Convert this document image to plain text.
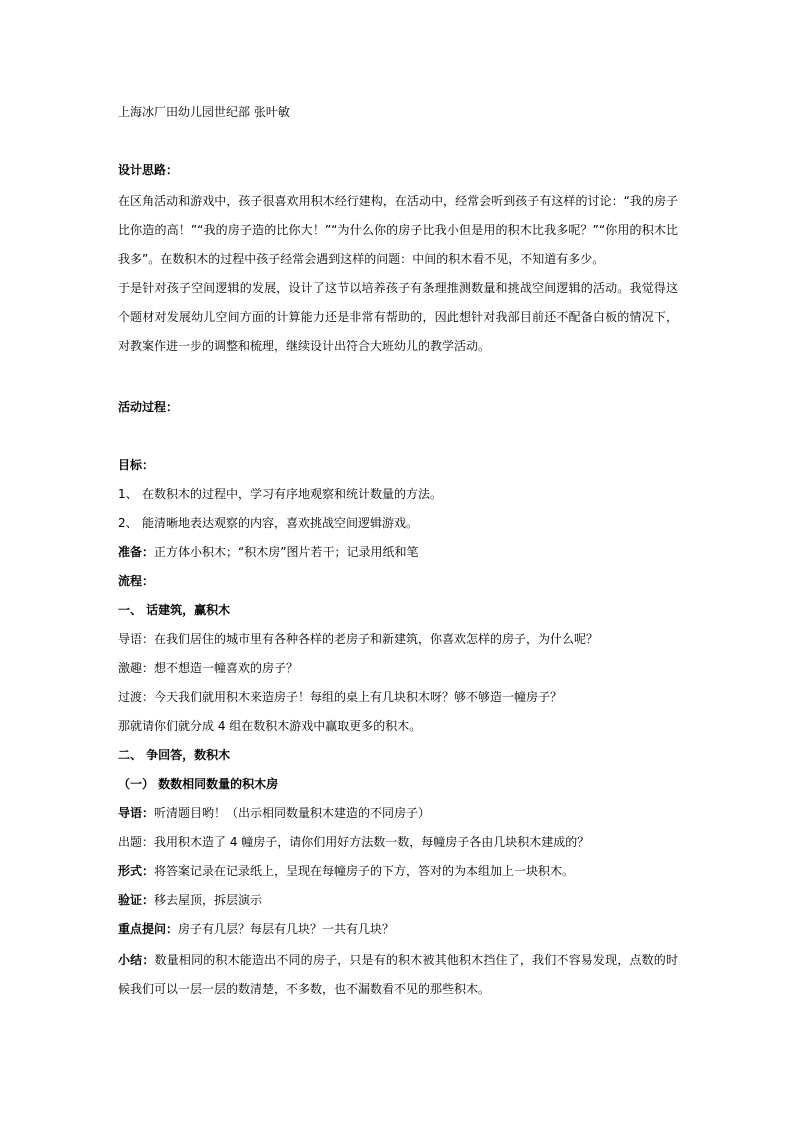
上海冰厂田幼儿园世纪部 张叶敏

设计思路：

在区角活动和游戏中，孩子很喜欢用积木经行建构，在活动中，经常会听到孩子有这样的讨论：“我的房子比你造的高！”“我的房子造的比你大！”“为什么你的房子比我小但是用的积木比我多呢？”“你用的积木比我多”。在数积木的过程中孩子经常会遇到这样的问题：中间的积木看不见，不知道有多少。

于是针对孩子空间逻辑的发展，设计了这节以培养孩子有条理推测数量和挑战空间逻辑的活动。我觉得这个题材对发展幼儿空间方面的计算能力还是非常有帮助的，因此想针对我部目前还不配备白板的情况下，对教案作进一步的调整和梳理，继续设计出符合大班幼儿的教学活动。

活动过程：

目标：

1、 在数积木的过程中，学习有序地观察和统计数量的方法。

2、 能清晰地表达观察的内容，喜欢挑战空间逻辑游戏。

准备：正方体小积木；“积木房”图片若干；记录用纸和笔

流程：

一、 话建筑，赢积木

导语：在我们居住的城市里有各种各样的老房子和新建筑，你喜欢怎样的房子，为什么呢？

激趣：想不想造一幢喜欢的房子？

过渡：今天我们就用积木来造房子！每组的桌上有几块积木呀？够不够造一幢房子？

那就请你们就分成 4 组在数积木游戏中赢取更多的积木。

二、 争回答，数积木

（一） 数数相同数量的积木房

导语：听清题目哟！（出示相同数量积木建造的不同房子）

出题：我用积木造了 4 幢房子，请你们用好方法数一数，每幢房子各由几块积木建成的？

形式：将答案记录在记录纸上，呈现在每幢房子的下方，答对的为本组加上一块积木。

验证：移去屋顶，拆层演示

重点提问：房子有几层？每层有几块？一共有几块？

小结：数量相同的积木能造出不同的房子，只是有的积木被其他积木挡住了，我们不容易发现，点数的时候我们可以一层一层的数清楚，不多数，也不漏数看不见的那些积木。
